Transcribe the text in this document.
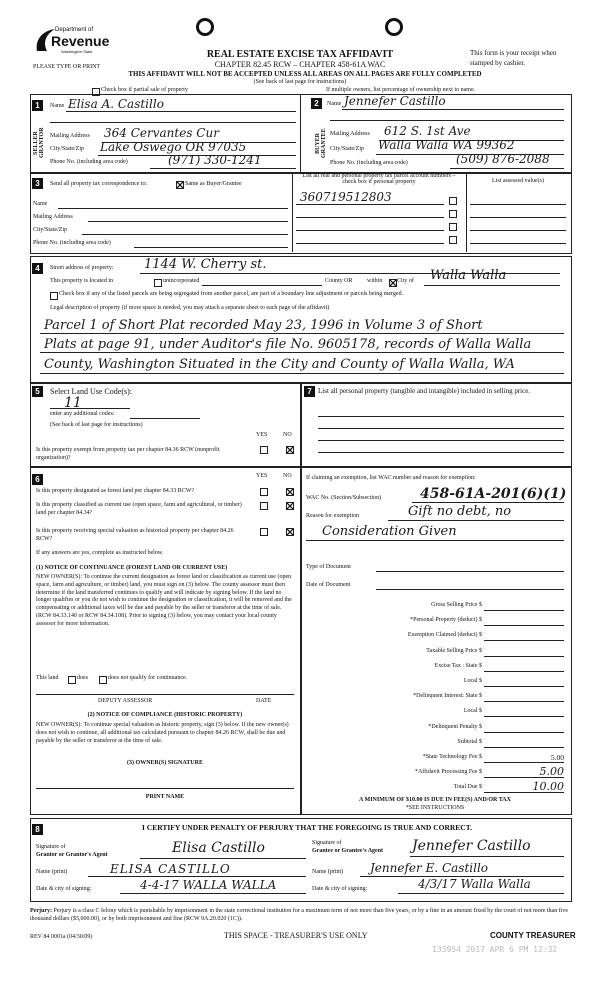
Department of
Revenue
Washington State
PLEASE TYPE OR PRINT
REAL ESTATE EXCISE TAX AFFIDAVIT
CHAPTER 82.45 RCW – CHAPTER 458-61A WAC
THIS AFFIDAVIT WILL NOT BE ACCEPTED UNLESS ALL AREAS ON ALL PAGES ARE FULLY COMPLETED
(See back of last page for instructions)
This form is your receipt when stamped by cashier.
Check box if partial sale of property	If multiple owners, list percentage of ownership next to name.
1
SELLER GRANTOR
Name Elisa A. Castillo
Mailing Address 364 Cervantes Cur
City/State/Zip Lake Oswego OR 97035
Phone No. (including area code)	(971) 330-1241
2
BUYER GRANTEE
Name Jennefer Castillo
Mailing Address 612 S. 1st Ave
City/State/Zip Walla Walla WA 99362
Phone No. (including area code)	(509) 876-2088
3	Send all property tax correspondence to:	Same as Buyer/Grantee
Name
Mailing Address
City/State/Zip
Phone No. (including area code)
List all real and personal property tax parcel account numbers – check box if personal property	List assessed value(s)
360719512803
4	Street address of property: 1144 W. Cherry st.
This property is located in	unincorporated	County OR within City of Walla Walla
Check box if any of the listed parcels are being segregated from another parcel, are part of a boundary line adjustment or parcels being merged.
Legal description of property (if more space is needed, you may attach a separate sheet to each page of the affidavit)
Parcel 1 of Short Plat recorded May 23, 1996 in Volume 3 of Short
Plats at page 91, under Auditor's file No. 9605178, records of Walla Walla
County, Washington Situated in the City and County of Walla Walla, WA
5	Select Land Use Code(s):
11
enter any additional codes:
(See back of last page for instructions)
YES	NO
Is this property exempt from property tax per chapter 84.36 RCW (nonprofit organization)?
7 List all personal property (tangible and intangible) included in selling price.
6	YES	NO
Is this property designated as forest land per chapter 84.33 RCW?
Is this property classified as current use (open space, farm and agricultural, or timber) land per chapter 84.34?
Is this property receiving special valuation as historical property per chapter 84.26 RCW?
If any answers are yes, complete as instructed below.
(1) NOTICE OF CONTINUANCE (FOREST LAND OR CURRENT USE)
NEW OWNER(S): To continue the current designation as forest land or classification as current use (open space, farm and agriculture, or timber) land, you must sign on (3) below. The county assessor must then determine if the land transferred continues to qualify and will indicate by signing below. If the land no longer qualifies or you do not wish to continue the designation or classification, it will be removed and the compensating or additional taxes will be due and payable by the seller or transferor at the time of sale. (RCW 84.33.140 or RCW 84.34.108). Prior to signing (3) below, you may contact your local county assessor for more information.
This land	does	does not qualify for continuance.
DEPUTY ASSESSOR	DATE
(2) NOTICE OF COMPLIANCE (HISTORIC PROPERTY)
NEW OWNER(S): To continue special valuation as historic property, sign (3) below. If the new owner(s) does not wish to continue, all additional tax calculated pursuant to chapter 84.26 RCW, shall be due and payable by the seller or transferor at the time of sale.
(3) OWNER(S) SIGNATURE
PRINT NAME
If claiming an exemption, list WAC number and reason for exemption:
WAC No. (Section/Subsection)	458-61A-201(6)(1)
Reason for exemption	Gift no debt, no
Consideration Given
Type of Document
Date of Document
Gross Selling Price $
*Personal Property (deduct) $
Exemption Claimed (deduct) $
Taxable Selling Price $
Excise Tax : State $
Local $
*Delinquent Interest: State $
Local $
*Delinquent Penalty $
Subtotal $
*State Technology Fee $	5.00
*Affidavit Processing Fee $	5.00
Total Due $	10.00
A MINIMUM OF $10.00 IS DUE IN FEE(S) AND/OR TAX
*SEE INSTRUCTIONS
8	I CERTIFY UNDER PENALTY OF PERJURY THAT THE FOREGOING IS TRUE AND CORRECT.
Signature of
Grantor or Grantor's Agent	Elisa Castillo	Signature of
Grantee or Grantee's Agent Jennefer Castillo
Name (print)	ELISA CASTILLO	Name (print) Jennefer E. Castillo
Date & city of signing:	4-4-17 WALLA WALLA	Date & city of signing:	4/3/17 Walla Walla
Perjury: Perjury is a class C felony which is punishable by imprisonment in the state correctional institution for a maximum term of not more than five years, or by a fine in an amount fixed by the court of not more than five thousand dollars ($5,000.00), or by both imprisonment and fine (RCW 9A.20.020 (1C)).
REV 84 0001a (04/30/09)	THIS SPACE - TREASURER'S USE ONLY	COUNTY TREASURER
133954 2017 APR 6 PM 12:32
